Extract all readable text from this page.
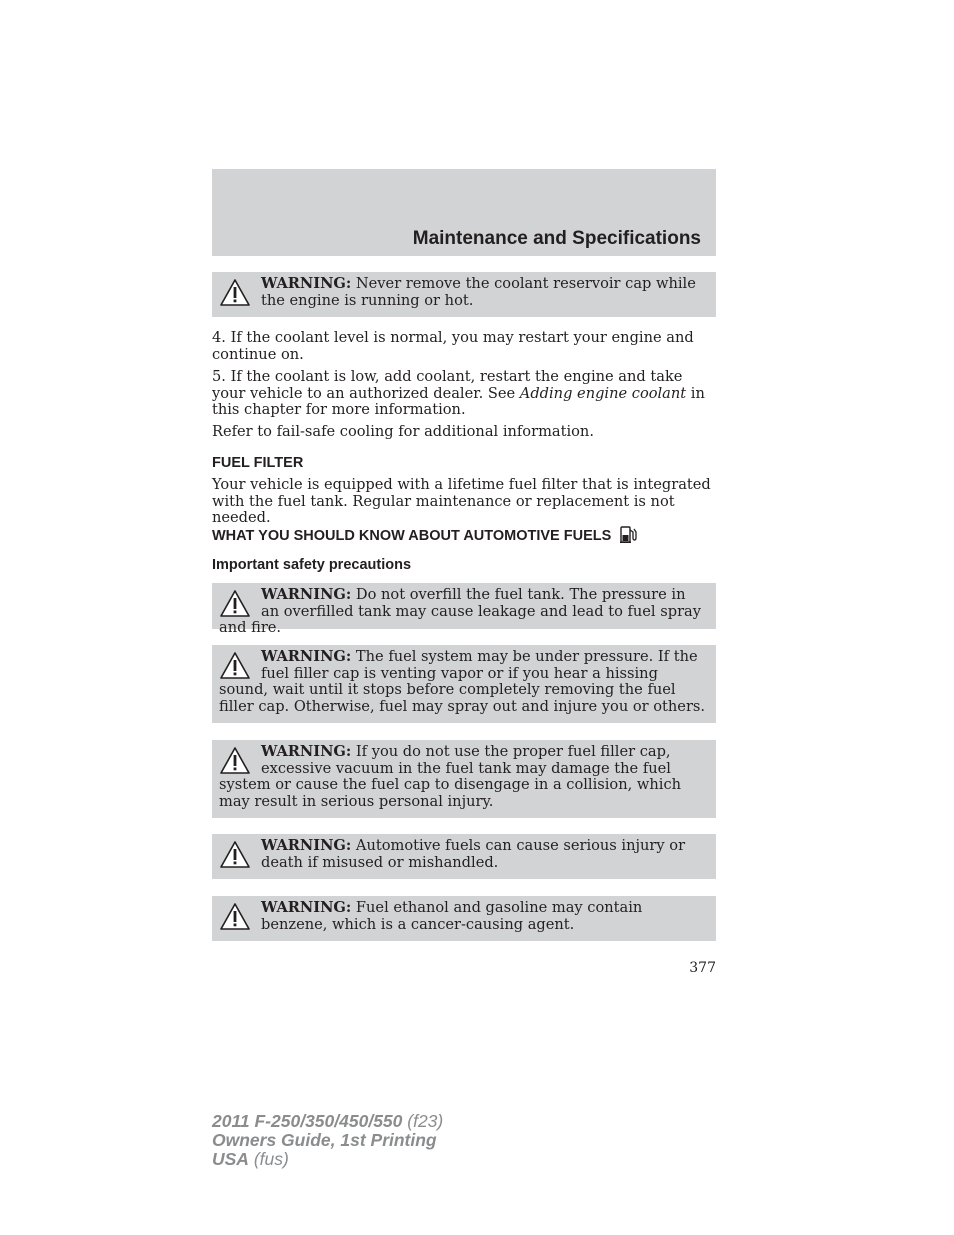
Maintenance and Specifications
WARNING: Never remove the coolant reservoir cap while the engine is running or hot.
4. If the coolant level is normal, you may restart your engine and continue on.
5. If the coolant is low, add coolant, restart the engine and take your vehicle to an authorized dealer. See Adding engine coolant in this chapter for more information.
Refer to fail-safe cooling for additional information.
FUEL FILTER
Your vehicle is equipped with a lifetime fuel filter that is integrated with the fuel tank. Regular maintenance or replacement is not needed.
WHAT YOU SHOULD KNOW ABOUT AUTOMOTIVE FUELS
Important safety precautions
WARNING: Do not overfill the fuel tank. The pressure in an overfilled tank may cause leakage and lead to fuel spray and fire.
WARNING: The fuel system may be under pressure. If the fuel filler cap is venting vapor or if you hear a hissing sound, wait until it stops before completely removing the fuel filler cap. Otherwise, fuel may spray out and injure you or others.
WARNING: If you do not use the proper fuel filler cap, excessive vacuum in the fuel tank may damage the fuel system or cause the fuel cap to disengage in a collision, which may result in serious personal injury.
WARNING: Automotive fuels can cause serious injury or death if misused or mishandled.
WARNING: Fuel ethanol and gasoline may contain benzene, which is a cancer-causing agent.
377
2011 F-250/350/450/550 (f23)
Owners Guide, 1st Printing
USA (fus)
